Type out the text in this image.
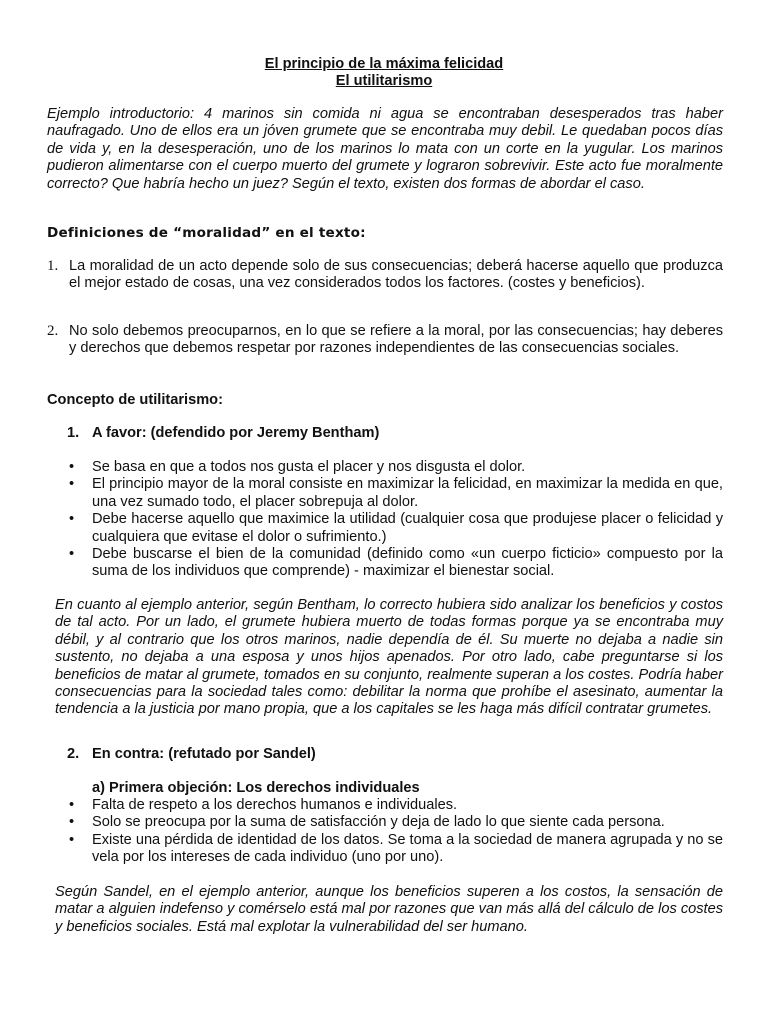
El principio de la máxima felicidad
El utilitarismo

Ejemplo introductorio: 4 marinos sin comida ni agua se encontraban desesperados tras haber naufragado. Uno de ellos era un jóven grumete que se encontraba muy debil. Le quedaban pocos días de vida y, en la desesperación, uno de los marinos lo mata con un corte en la yugular. Los marinos pudieron alimentarse con el cuerpo muerto del grumete y lograron sobrevivir. Este acto fue moralmente correcto? Que habría hecho un juez? Según el texto, existen dos formas de abordar el caso.

Definiciones de “moralidad” en el texto:
1. La moralidad de un acto depende solo de sus consecuencias; deberá hacerse aquello que produzca el mejor estado de cosas, una vez considerados todos los factores. (costes y beneficios).
2. No solo debemos preocuparnos, en lo que se refiere a la moral, por las consecuencias; hay deberes y derechos que debemos respetar por razones independientes de las consecuencias sociales.
Concepto de utilitarismo:
1. A favor: (defendido por Jeremy Bentham)
• Se basa en que a todos nos gusta el placer y nos disgusta el dolor.
• El principio mayor de la moral consiste en maximizar la felicidad, en maximizar la medida en que, una vez sumado todo, el placer sobrepuja al dolor.
• Debe hacerse aquello que maximice la utilidad (cualquier cosa que produjese placer o felicidad y cualquiera que evitase el dolor o sufrimiento.)
• Debe buscarse el bien de la comunidad (definido como «un cuerpo ficticio» compuesto por la suma de los individuos que comprende) - maximizar el bienestar social.

En cuanto al ejemplo anterior, según Bentham, lo correcto hubiera sido analizar los beneficios y costos de tal acto. Por un lado, el grumete hubiera muerto de todas formas porque ya se encontraba muy débil, y al contrario que los otros marinos, nadie dependía de él. Su muerte no dejaba a nadie sin sustento, no dejaba a una esposa y unos hijos apenados. Por otro lado, cabe preguntarse si los beneficios de matar al grumete, tomados en su conjunto, realmente superan a los costes. Podría haber consecuencias para la sociedad tales como: debilitar la norma que prohíbe el asesinato, aumentar la tendencia a la justicia por mano propia, que a los capitales se les haga más difícil contratar grumetes.

2. En contra: (refutado por Sandel)
a) Primera objeción: Los derechos individuales
• Falta de respeto a los derechos humanos e individuales.
• Solo se preocupa por la suma de satisfacción y deja de lado lo que siente cada persona.
• Existe una pérdida de identidad de los datos. Se toma a la sociedad de manera agrupada y no se vela por los intereses de cada individuo (uno por uno).

Según Sandel, en el ejemplo anterior, aunque los beneficios superen a los costos, la sensación de matar a alguien indefenso y comérselo está mal por razones que van más allá del cálculo de los costes y beneficios sociales. Está mal explotar la vulnerabilidad del ser humano.
